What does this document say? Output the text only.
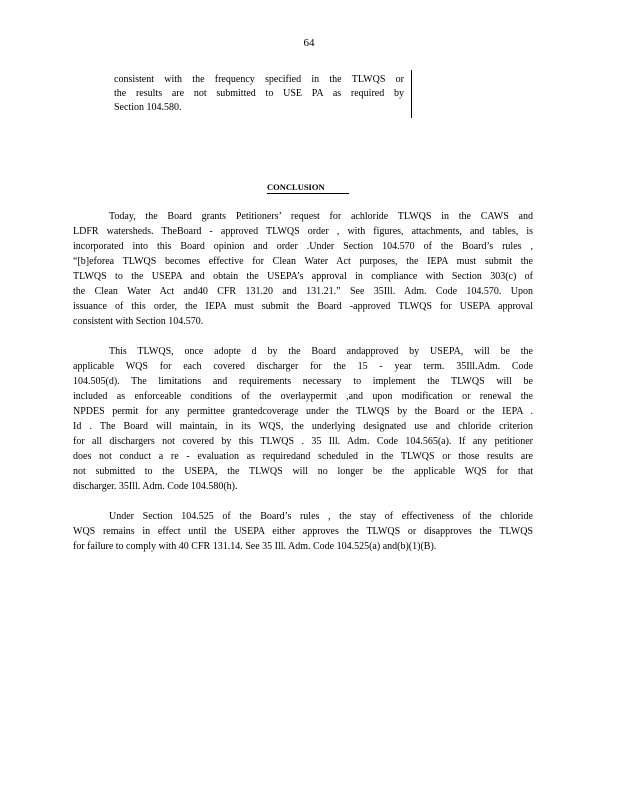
64
consistent with the frequency specified in the TLWQS or
the results are not submitted to USE PA as required by
Section 104.580.
CONCLUSION
Today, the Board grants Petitioners’ request for achloride TLWQS in the CAWS and
LDFR watersheds. TheBoard - approved TLWQS order , with figures, attachments, and tables, is
incorporated into this Board opinion and order .Under Section 104.570 of the Board’s rules ,
“[b]eforea TLWQS becomes effective for Clean Water Act purposes, the IEPA must submit the
TLWQS to the USEPA and obtain the USEPA’s approval in compliance with Section 303(c) of
the Clean Water Act and40 CFR 131.20 and 131.21.” See 35Ill. Adm. Code 104.570. Upon
issuance of this order, the IEPA must submit the Board -approved TLWQS for USEPA approval
consistent with Section 104.570.
This TLWQS, once adopte d by the Board andapproved by USEPA, will be the
applicable WQS for each covered discharger for the 15 - year term. 35Ill.Adm. Code
104.505(d). The limitations and requirements necessary to implement the TLWQS will be
included as enforceable conditions of the overlaypermit ,and upon modification or renewal the
NPDES permit for any permittee grantedcoverage under the TLWQS by the Board or the IEPA .
Id . The Board will maintain, in its WQS, the underlying designated use and chloride criterion
for all dischargers not covered by this TLWQS . 35 Ill. Adm. Code 104.565(a). If any petitioner
does not conduct a re - evaluation as requiredand scheduled in the TLWQS or those results are
not submitted to the USEPA, the TLWQS will no longer be the applicable WQS for that
discharger. 35Ill. Adm. Code 104.580(h).
Under Section 104.525 of the Board’s rules , the stay of effectiveness of the chloride
WQS remains in effect until the USEPA either approves the TLWQS or disapproves the TLWQS
for failure to comply with 40 CFR 131.14. See 35 Ill. Adm. Code 104.525(a) and(b)(1)(B).
